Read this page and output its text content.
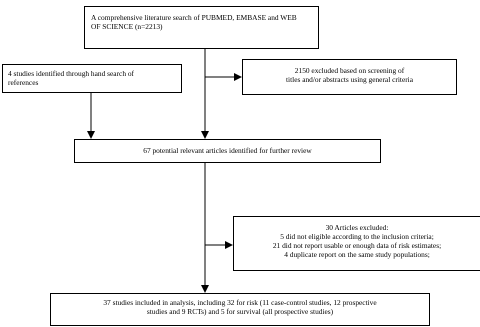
A comprehensive literature search of PUBMED, EMBASE and WEB
OF SCIENCE (n=2213)
4 studies identified through hand search of
references
2150 excluded based on screening of
titles and/or abstracts using general criteria
67 potential relevant articles identified for further review
30 Articles excluded:
5 did not eligible according to the inclusion criteria;
21 did not report usable or enough data of risk estimates;
4 duplicate report on the same study populations;
37 studies included in analysis, including 32 for risk (11 case-control studies, 12 prospective
studies and 9 RCTs) and 5 for survival (all prospective studies)
